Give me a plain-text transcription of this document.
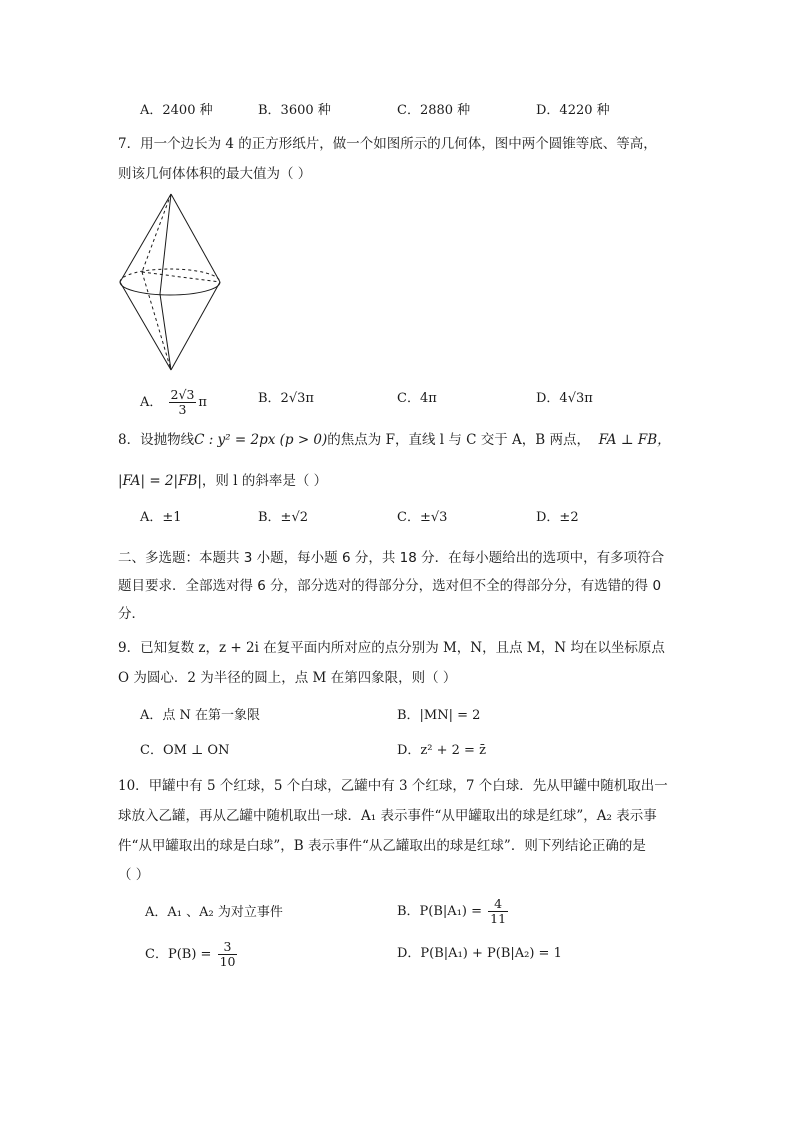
A．2400 种	B．3600 种	C．2880 种	D．4220 种
7．用一个边长为 4 的正方形纸片，做一个如图所示的几何体，图中两个圆锥等底、等高，
则该几何体体积的最大值为（ ）
A． $\frac{2√3}{3}$ π	B．2√3π	C．4π	D．4√3π
8．设抛物线C : y² = 2px (p > 0)的焦点为 F，直线 l 与 C 交于 A，B 两点， FA ⊥ FB，
|FA| = 2|FB|，则 l 的斜率是（ ）
A．±1	B．±√2	C．±√3	D．±2
二、多选题：本题共 3 小题，每小题 6 分，共 18 分．在每小题给出的选项中，有多项符合
题目要求．全部选对得 6 分，部分选对的得部分分，选对但不全的得部分分，有选错的得 0
分．
9．已知复数 z，z + 2i 在复平面内所对应的点分别为 M，N，且点 M，N 均在以坐标原点
O 为圆心．2 为半径的圆上，点 M 在第四象限，则（ ）
A．点 N 在第一象限	B．|MN| = 2
C．OM ⊥ ON	D．z² + 2 = z̄
10．甲罐中有 5 个红球，5 个白球，乙罐中有 3 个红球，7 个白球．先从甲罐中随机取出一
球放入乙罐，再从乙罐中随机取出一球．A₁ 表示事件“从甲罐取出的球是红球”，A₂ 表示事
件“从甲罐取出的球是白球”，B 表示事件“从乙罐取出的球是红球”．则下列结论正确的是
（ ）
A．A₁ 、A₂ 为对立事件	B．$P(B|A_1) = \frac{4}{11}$
C．$P(B) = \frac{3}{10}$	D．P(B|A₁) + P(B|A₂) = 1
